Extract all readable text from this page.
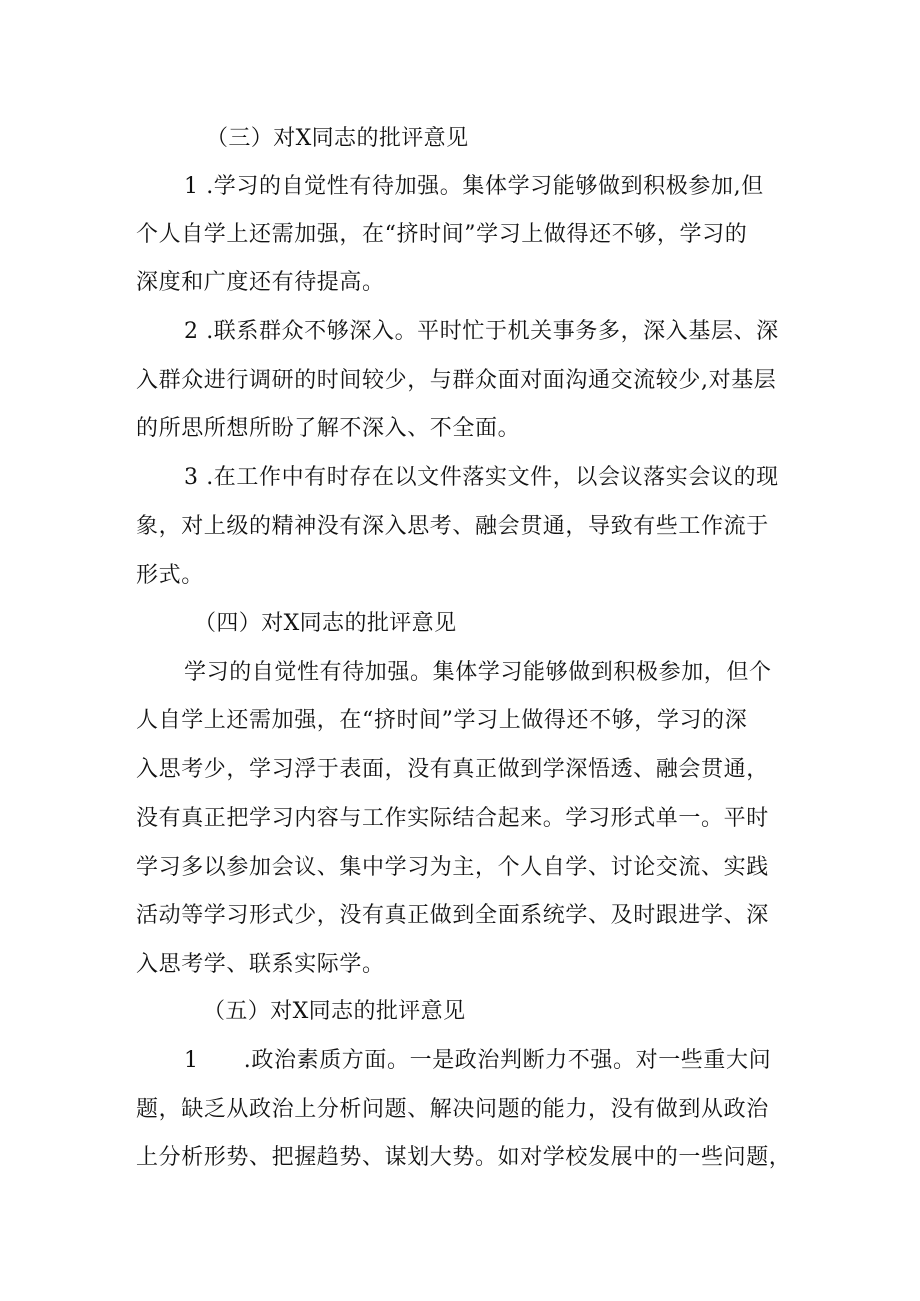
（三）对X同志的批评意见
1 .学习的自觉性有待加强。集体学习能够做到积极参加,但
个人自学上还需加强，在“挤时间”学习上做得还不够，学习的
深度和广度还有待提高。
2 .联系群众不够深入。平时忙于机关事务多，深入基层、深
入群众进行调研的时间较少，与群众面对面沟通交流较少,对基层
的所思所想所盼了解不深入、不全面。
3 .在工作中有时存在以文件落实文件，以会议落实会议的现
象，对上级的精神没有深入思考、融会贯通，导致有些工作流于
形式。
（四）对X同志的批评意见
学习的自觉性有待加强。集体学习能够做到积极参加，但个
人自学上还需加强，在“挤时间”学习上做得还不够，学习的深
入思考少，学习浮于表面，没有真正做到学深悟透、融会贯通，
没有真正把学习内容与工作实际结合起来。学习形式单一。平时
学习多以参加会议、集中学习为主，个人自学、讨论交流、实践
活动等学习形式少，没有真正做到全面系统学、及时跟进学、深
入思考学、联系实际学。
（五）对X同志的批评意见
1　　.政治素质方面。一是政治判断力不强。对一些重大问
题，缺乏从政治上分析问题、解决问题的能力，没有做到从政治
上分析形势、把握趋势、谋划大势。如对学校发展中的一些问题，
